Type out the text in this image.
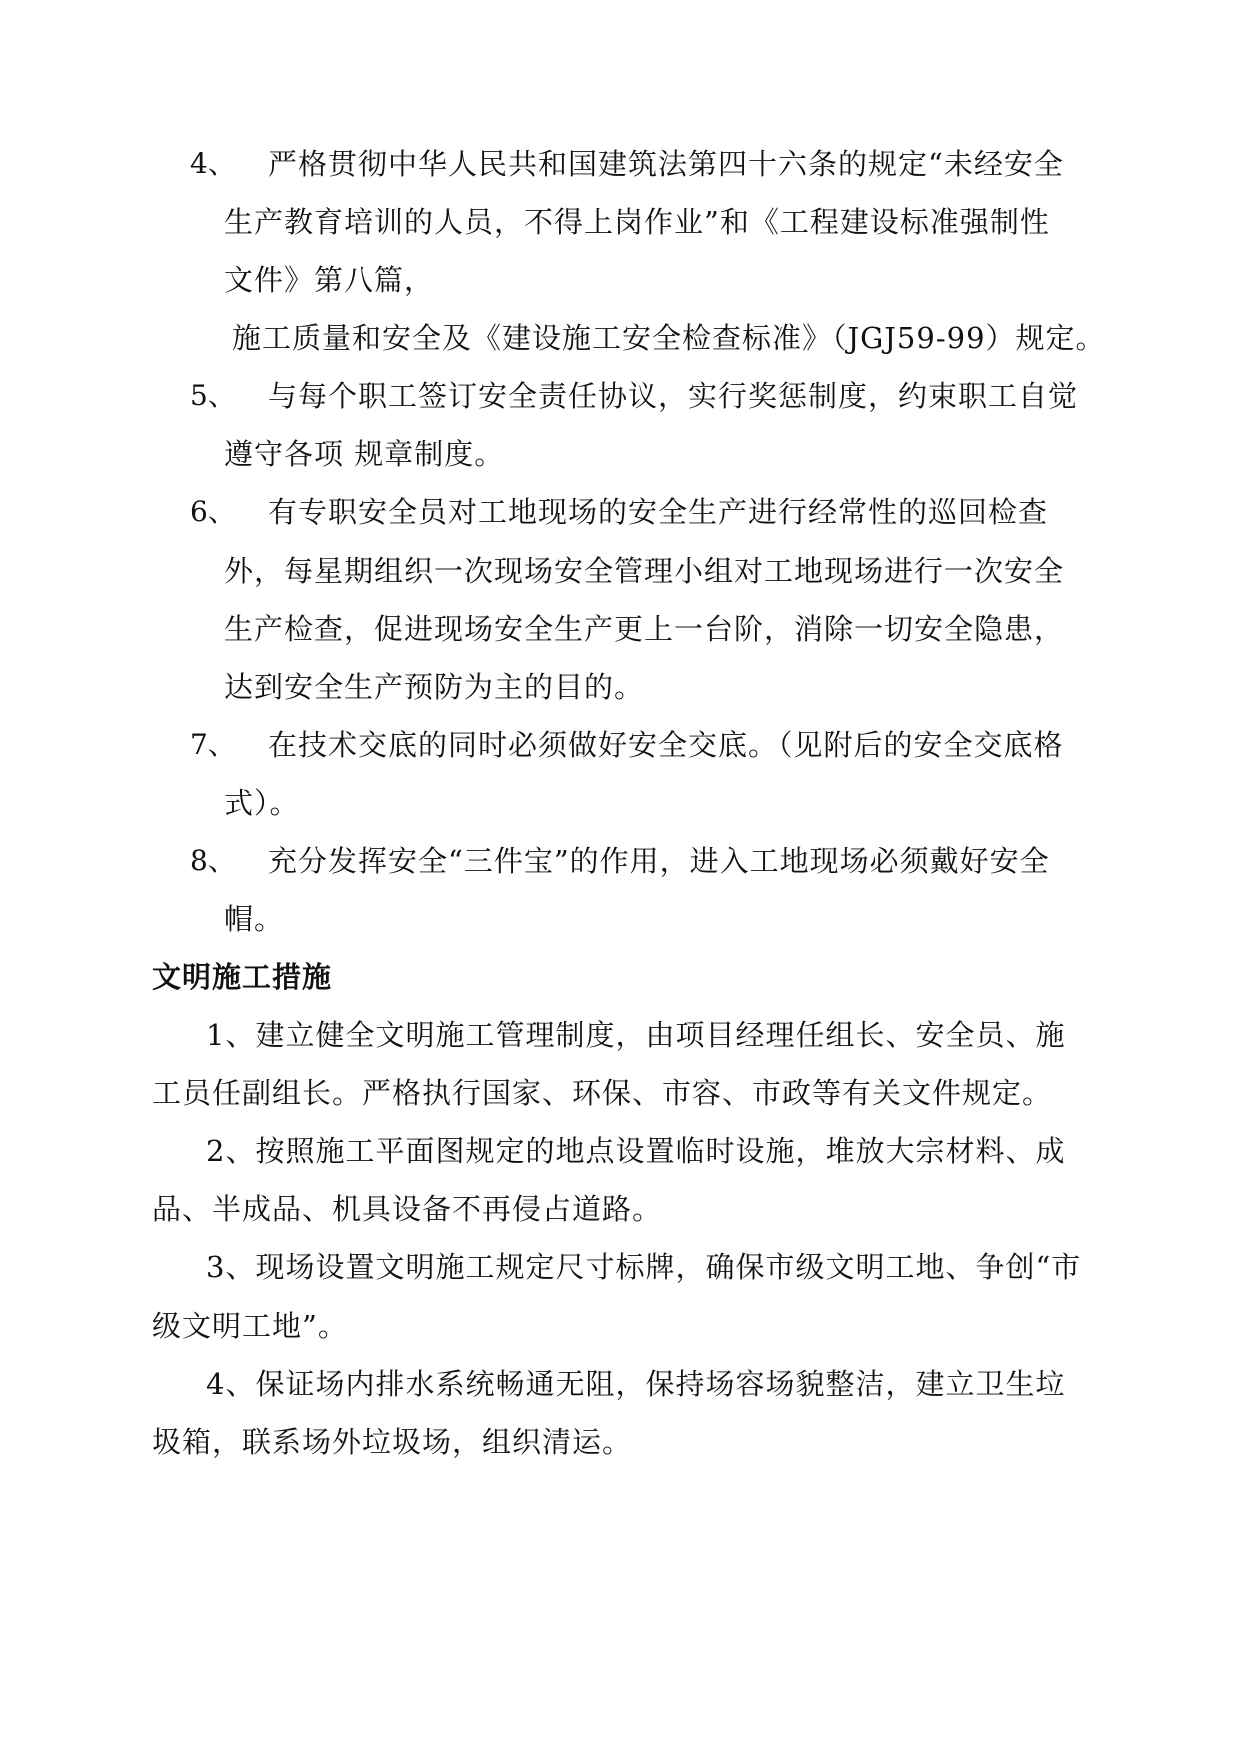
4、 严格贯彻中华人民共和国建筑法第四十六条的规定“未经安全
生产教育培训的人员，不得上岗作业”和《工程建设标准强制性
文件》第八篇，
施工质量和安全及《建设施工安全检查标准》（JGJ59-99）规定。
5、 与每个职工签订安全责任协议，实行奖惩制度，约束职工自觉
遵守各项 规章制度。
6、 有专职安全员对工地现场的安全生产进行经常性的巡回检查
外，每星期组织一次现场安全管理小组对工地现场进行一次安全
生产检查，促进现场安全生产更上一台阶，消除一切安全隐患，
达到安全生产预防为主的目的。
7、 在技术交底的同时必须做好安全交底。（见附后的安全交底格
式）。
8、 充分发挥安全“三件宝”的作用，进入工地现场必须戴好安全
帽。
文明施工措施
1、建立健全文明施工管理制度，由项目经理任组长、安全员、施
工员任副组长。严格执行国家、环保、市容、市政等有关文件规定。
2、按照施工平面图规定的地点设置临时设施，堆放大宗材料、成
品、半成品、机具设备不再侵占道路。
3、现场设置文明施工规定尺寸标牌，确保市级文明工地、争创“市
级文明工地”。
4、保证场内排水系统畅通无阻，保持场容场貌整洁，建立卫生垃
圾箱，联系场外垃圾场，组织清运。
